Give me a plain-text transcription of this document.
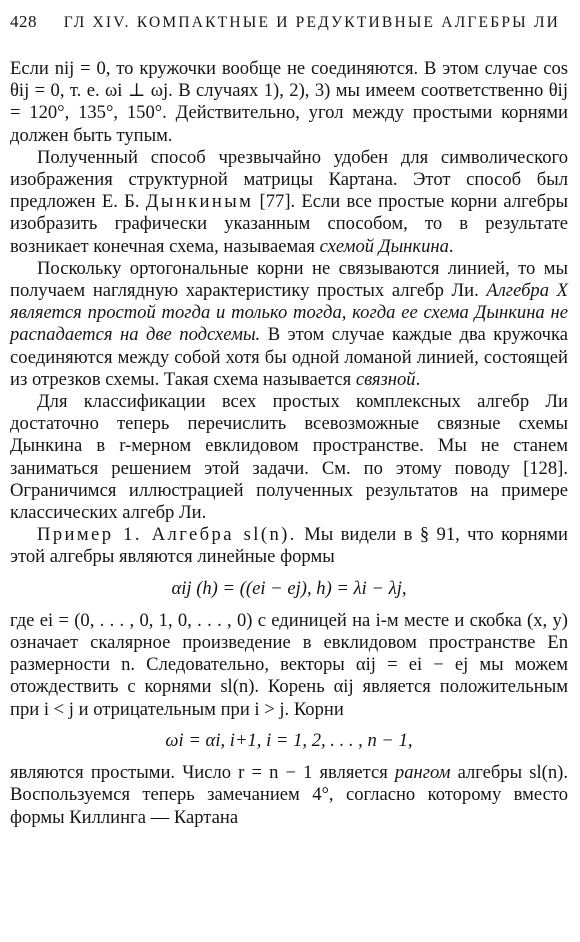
428 ГЛ XIV. КОМПАКТНЫЕ И РЕДУКТИВНЫЕ АЛГЕБРЫ ЛИ

Если nij = 0, то кружочки вообще не соединяются. В этом случае cos θij = 0, т. е. ωi ⊥ ωj. В случаях 1), 2), 3) мы имеем соответственно θij = 120°, 135°, 150°. Действительно, угол между простыми корнями должен быть тупым.

Полученный способ чрезвычайно удобен для символического изображения структурной матрицы Картана. Этот способ был предложен Е. Б. Дынкиным [77]. Если все простые корни алгебры изобразить графически указанным способом, то в результате возникает конечная схема, называемая схемой Дынкина.

Поскольку ортогональные корни не связываются линией, то мы получаем наглядную характеристику простых алгебр Ли. Алгебра X является простой тогда и только тогда, когда ее схема Дынкина не распадается на две подсхемы. В этом случае каждые два кружочка соединяются между собой хотя бы одной ломаной линией, состоящей из отрезков схемы. Такая схема называется связной.

Для классификации всех простых комплексных алгебр Ли достаточно теперь перечислить всевозможные связные схемы Дынкина в r-мерном евклидовом пространстве. Мы не станем заниматься решением этой задачи. См. по этому поводу [128]. Ограничимся иллюстрацией полученных результатов на примере классических алгебр Ли.

Пример 1. Алгебра sl(n). Мы видели в § 91, что корнями этой алгебры являются линейные формы

αij (h) = ((ei − ej), h) = λi − λj,

где ei = (0, . . . , 0, 1, 0, . . . , 0) с единицей на i-м месте и скобка (x, y) означает скалярное произведение в евклидовом пространстве En размерности n. Следовательно, векторы αij = ei − ej мы можем отождествить с корнями sl(n). Корень αij является положительным при i < j и отрицательным при i > j. Корни

ωi = αi, i+1, i = 1, 2, . . . , n − 1,

являются простыми. Число r = n − 1 является рангом алгебры sl(n). Воспользуемся теперь замечанием 4°, согласно которому вместо формы Киллинга — Картана
